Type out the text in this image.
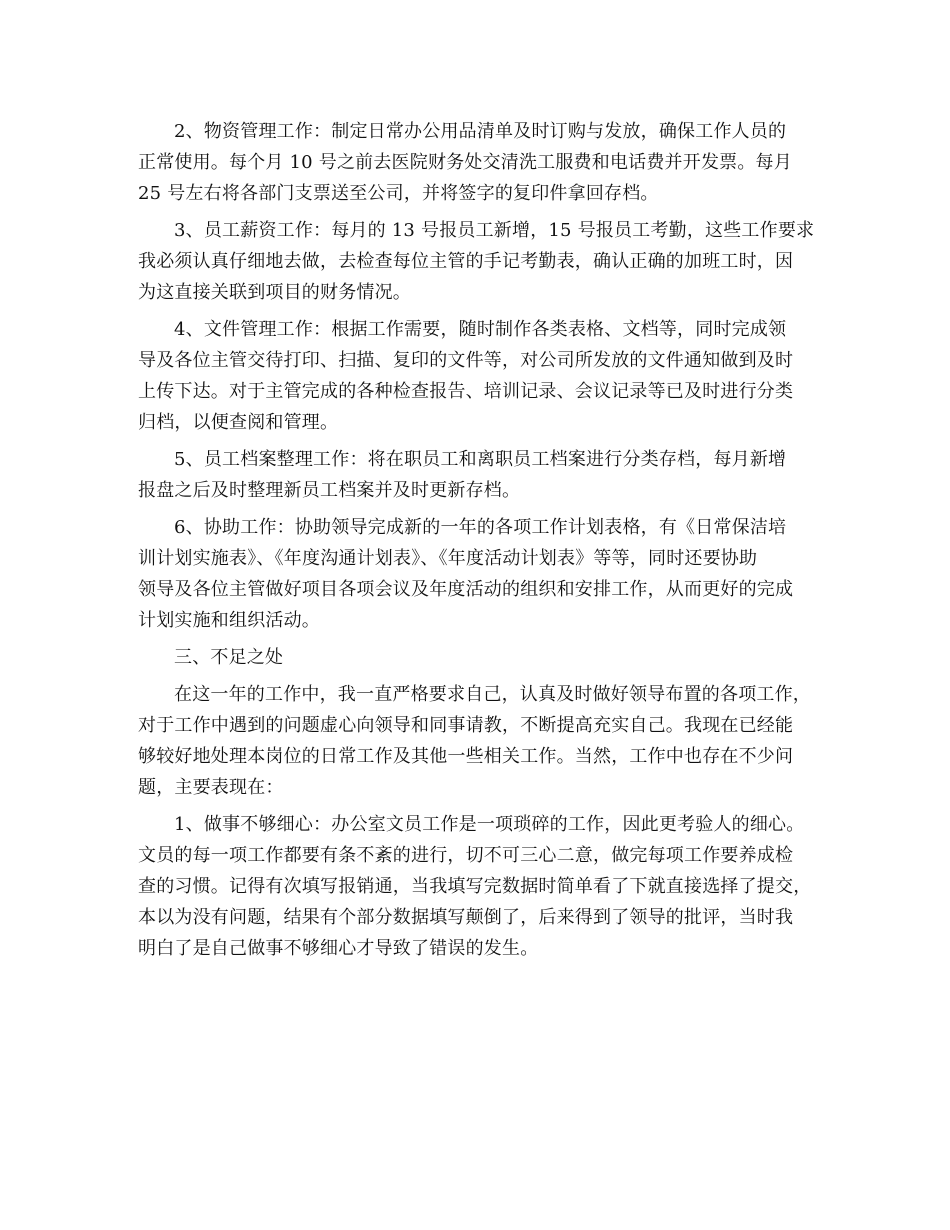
2、物资管理工作：制定日常办公用品清单及时订购与发放，确保工作人员的
正常使用。每个月 10 号之前去医院财务处交清洗工服费和电话费并开发票。每月
25 号左右将各部门支票送至公司，并将签字的复印件拿回存档。
3、员工薪资工作：每月的 13 号报员工新增，15 号报员工考勤，这些工作要求
我必须认真仔细地去做，去检查每位主管的手记考勤表，确认正确的加班工时，因
为这直接关联到项目的财务情况。
4、文件管理工作：根据工作需要，随时制作各类表格、文档等，同时完成领
导及各位主管交待打印、扫描、复印的文件等，对公司所发放的文件通知做到及时
上传下达。对于主管完成的各种检查报告、培训记录、会议记录等已及时进行分类
归档，以便查阅和管理。
5、员工档案整理工作：将在职员工和离职员工档案进行分类存档，每月新增
报盘之后及时整理新员工档案并及时更新存档。
6、协助工作：协助领导完成新的一年的各项工作计划表格，有《日常保洁培
训计划实施表》、《年度沟通计划表》、《年度活动计划表》等等，同时还要协助
领导及各位主管做好项目各项会议及年度活动的组织和安排工作，从而更好的完成
计划实施和组织活动。
三、不足之处
在这一年的工作中，我一直严格要求自己，认真及时做好领导布置的各项工作，
对于工作中遇到的问题虚心向领导和同事请教，不断提高充实自己。我现在已经能
够较好地处理本岗位的日常工作及其他一些相关工作。当然，工作中也存在不少问
题，主要表现在：
1、做事不够细心：办公室文员工作是一项琐碎的工作，因此更考验人的细心。
文员的每一项工作都要有条不紊的进行，切不可三心二意，做完每项工作要养成检
查的习惯。记得有次填写报销通，当我填写完数据时简单看了下就直接选择了提交，
本以为没有问题，结果有个部分数据填写颠倒了，后来得到了领导的批评，当时我
明白了是自己做事不够细心才导致了错误的发生。
